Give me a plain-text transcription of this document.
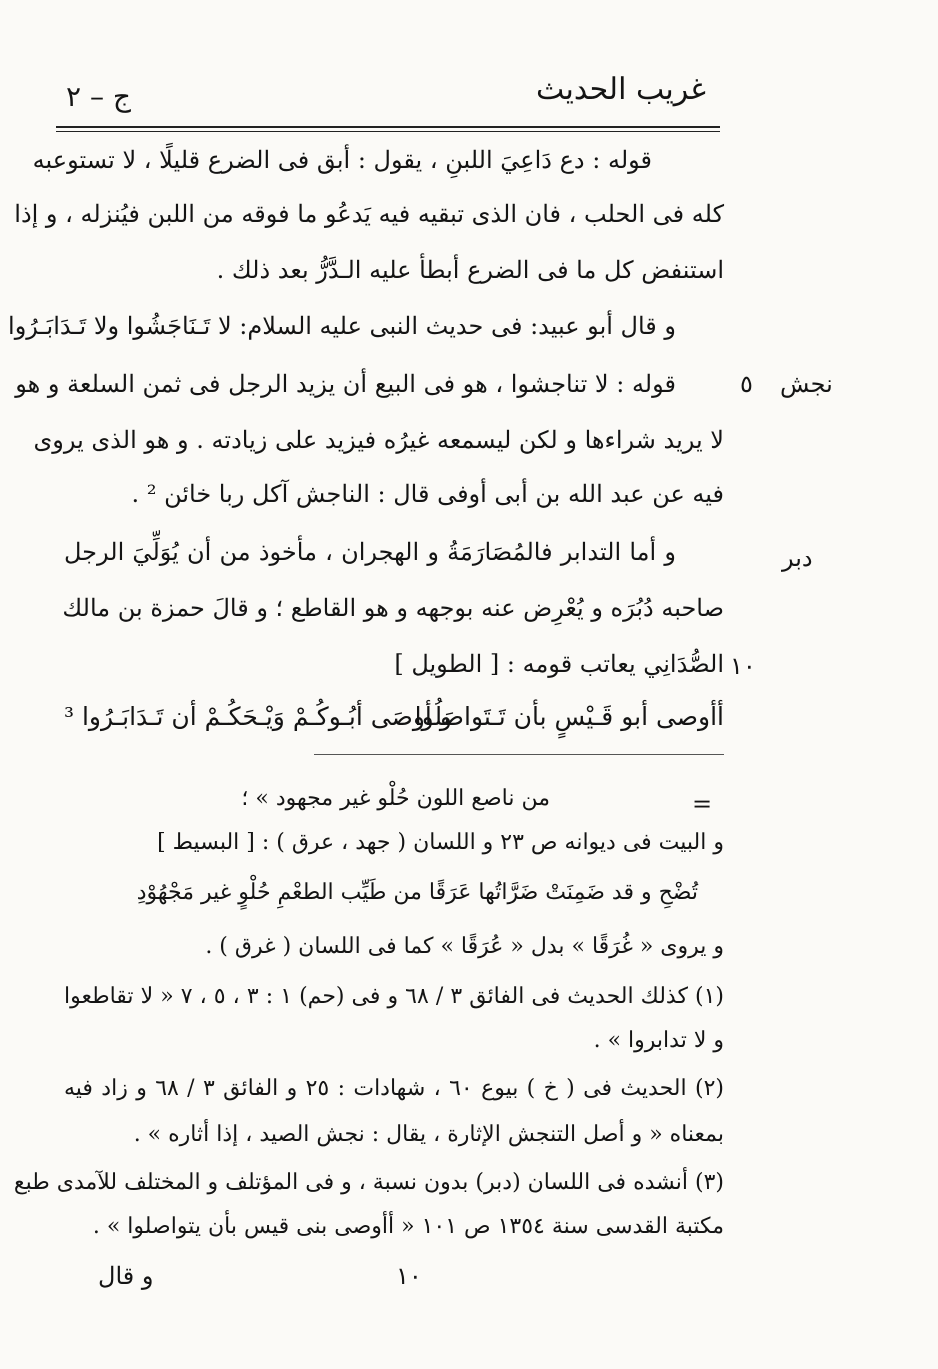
غريب الحديث
ج – ٢
نجش
٥
دبر
١٠
قوله : دع دَاعِيَ اللبنِ ، يقول : أبق فى الضرع قليلًا ، لا تستوعبه
كله فى الحلب ، فان الذى تبقيه فيه يَدعُو ما فوقه من اللبن فيُنزله ، و إذا
استنفض كل ما فى الضرع أبطأ عليه الـدَّرُّ بعد ذلك .
و قال أبو عبيد: فى حديث النبى عليه السلام: لا تَـنَاجَشُوا ولا تَـدَابَـرُوا
قوله : لا تناجشوا ، هو فى البيع أن يزيد الرجل فى ثمن السلعة و هو
لا يريد شراءها و لكن ليسمعه غيرُه فيزيد على زيادته . و هو الذى يروى
فيه عن عبد الله بن أبى أوفى قال : الناجش آكل ربا خائن ² .
و أما التدابر فالمُصَارَمَةُ و الهجران ، مأخوذ من أن يُوَلِّيَ الرجل
صاحبه دُبُرَه و يُعْرِض عنه بوجهه و هو القاطع ؛ و قالَ حمزة بن مالك
الصُّدَانِي يعاتب قومه : [ الطويل ]
أأوصى أبو قَـيْسٍ بأن تَـتَواصَلُوا
و أوصَى أبُـوكُـمْ وَيْـحَكُـمْ أن تَـدَابَـرُوا ³
=
من ناصع اللون حُلْو غير مجهود » ؛
و البيت فى ديوانه ص ٢٣ و اللسان ( جهد ، عرق ) : [ البسيط ]
تُضْحِ و قد ضَمِنَتْ ضَرَّاتُها عَرَقًا من طَيِّب الطعْمِ حُلْوٍ غير مَجْهُوْدِ
و يروى « غُرَقًا » بدل « عُرَقًا » كما فى اللسان ( غرق ) .
(١) كذلك الحديث فى الفائق ٣ / ٦٨ و فى (حم) ١ : ٣ ، ٥ ، ٧ « لا تقاطعوا
و لا تدابروا » .
(٢) الحديث فى ( خ ) بيوع ٦٠ ، شهادات : ٢٥ و الفائق ٣ / ٦٨ و زاد فيه
بمعناه « و أصل التنجش الإثارة ، يقال : نجش الصيد ، إذا أثاره » .
(٣) أنشده فى اللسان (دبر) بدون نسبة ، و فى المؤتلف و المختلف للآمدى طبع
مكتبة القدسى سنة ١٣٥٤ ص ١٠١ « أأوصى بنى قيس بأن يتواصلوا » .
١٠
و قال
